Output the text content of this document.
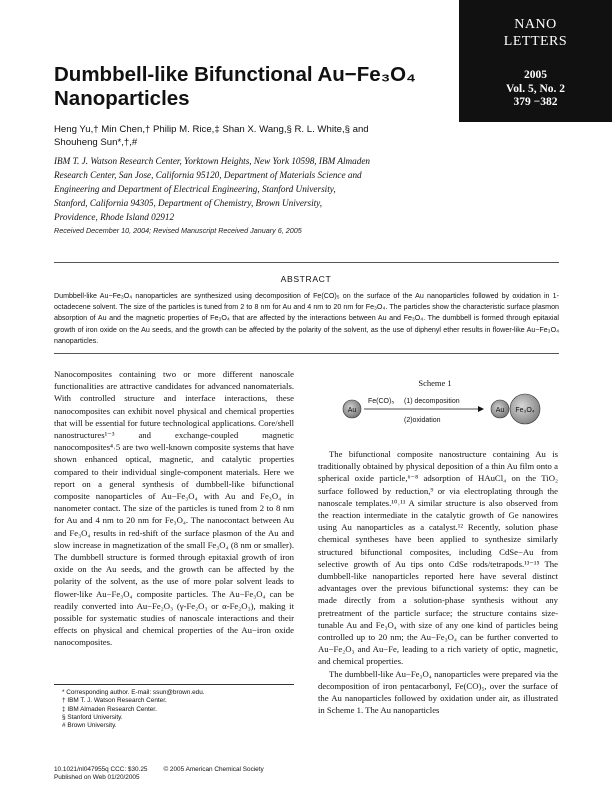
NANO
LETTERS
2005
Vol. 5, No. 2
379 −382
Dumbbell-like Bifunctional Au−Fe₃O₄
Nanoparticles
Heng Yu,† Min Chen,† Philip M. Rice,‡ Shan X. Wang,§ R. L. White,§ and
Shouheng Sun*,†,#
IBM T. J. Watson Research Center, Yorktown Heights, New York 10598, IBM Almaden
Research Center, San Jose, California 95120, Department of Materials Science and
Engineering and Department of Electrical Engineering, Stanford University,
Stanford, California 94305, Department of Chemistry, Brown University,
Providence, Rhode Island 02912
Received December 10, 2004; Revised Manuscript Received January 6, 2005
ABSTRACT
Dumbbell-like Au−Fe₃O₄ nanoparticles are synthesized using decomposition of Fe(CO)₅ on the surface of the Au nanoparticles followed by oxidation in 1-octadecene solvent. The size of the particles is tuned from 2 to 8 nm for Au and 4 nm to 20 nm for Fe₃O₄. The particles show the characteristic surface plasmon absorption of Au and the magnetic properties of Fe₃O₄ that are affected by the interactions between Au and Fe₃O₄. The dumbbell is formed through epitaxial growth of iron oxide on the Au seeds, and the growth can be affected by the polarity of the solvent, as the use of diphenyl ether results in flower-like Au−Fe₃O₄ nanoparticles.

Nanocomposites containing two or more different nanoscale functionalities are attractive candidates for advanced nanomaterials. With controlled structure and interface interactions, these nanocomposites can exhibit novel physical and chemical properties that will be essential for future technological applications. Core/shell nanostructures¹⁻³ and exchange-coupled magnetic nanocomposites⁴˒5 are two well-known composite systems that have shown enhanced optical, magnetic, and catalytic properties compared to their individual single-component materials. Here we report on a general synthesis of dumbbell-like bifunctional composite nanoparticles of Au−Fe₃O₄ with Au and Fe₃O₄ in nanometer contact. The size of the particles is tuned from 2 to 8 nm for Au and 4 nm to 20 nm for Fe₃O₄. The nanocontact between Au and Fe₃O₄ results in red-shift of the surface plasmon of the Au and slow increase in magnetization of the small Fe₃O₄ (8 nm or smaller). The dumbbell structure is formed through epitaxial growth of iron oxide on the Au seeds, and the growth can be affected by the polarity of the solvent, as the use of more polar solvent leads to flower-like Au−Fe₃O₄ composite particles. The Au−Fe₃O₄ can be readily converted into Au−Fe₂O₃ (γ-Fe₂O₃ or α-Fe₂O₃), making it possible for systematic studies of nanoscale interactions and their effects on physical and chemical properties of the Au−iron oxide nanocomposites.

* Corresponding author. E-mail: ssun@brown.edu.
† IBM T. J. Watson Research Center.
‡ IBM Almaden Research Center.
§ Stanford University.
# Brown University.
10.1021/nl047955q CCC: $30.25	© 2005 American Chemical Society
Published on Web 01/20/2005
Scheme 1
Au
Fe(CO)₅ (1) decomposition
(2)oxidation
Au Fe₃O₄

The bifunctional composite nanostructure containing Au is traditionally obtained by physical deposition of a thin Au film onto a spherical oxide particle,⁶⁻⁸ adsorption of HAuCl₄ on the TiO₂ surface followed by reduction,⁹ or via electroplating through the nanoscale templates.¹⁰˒¹¹ A similar structure is also observed from the reaction intermediate in the catalytic growth of Ge nanowires using Au nanoparticles as a catalyst.¹² Recently, solution phase chemical syntheses have been applied to synthesize similarly structured bifunctional composites, including CdSe−Au from selective growth of Au tips onto CdSe rods/tetrapods.¹³⁻¹⁵ The dumbbell-like nanoparticles reported here have several distinct advantages over the previous bifunctional systems: they can be made directly from a solution-phase synthesis without any pretreatment of the particle surface; the structure contains size-tunable Au and Fe₃O₄ with size of any one kind of particles being controlled up to 20 nm; the Au−Fe₃O₄ can be further converted to Au−Fe₂O₃ and Au−Fe, leading to a rich variety of optic, magnetic, and chemical properties.

The dumbbell-like Au−Fe₃O₄ nanoparticles were prepared via the decomposition of iron pentacarbonyl, Fe(CO)₅, over the surface of the Au nanoparticles followed by oxidation under air, as illustrated in Scheme 1. The Au nanoparticles
